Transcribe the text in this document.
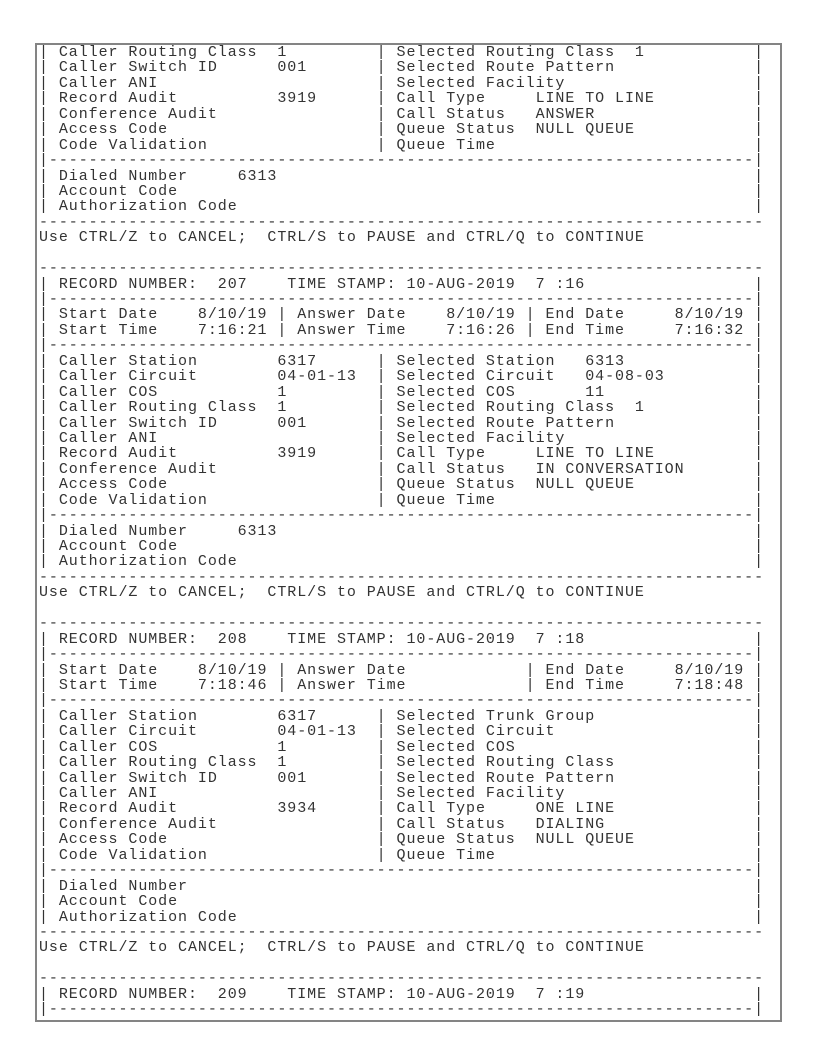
| Caller Routing Class  1         | Selected Routing Class  1           |
| Caller Switch ID      001       | Selected Route Pattern              |
| Caller ANI                      | Selected Facility                   |
| Record Audit          3919      | Call Type     LINE TO LINE          |
| Conference Audit                | Call Status   ANSWER                |
| Access Code                     | Queue Status  NULL QUEUE            |
| Code Validation                 | Queue Time                          |
|-----------------------------------------------------------------------|
| Dialed Number     6313                                                |
| Account Code                                                          |
| Authorization Code                                                    |
-------------------------------------------------------------------------
Use CTRL/Z to CANCEL;  CTRL/S to PAUSE and CTRL/Q to CONTINUE

-------------------------------------------------------------------------
| RECORD NUMBER:  207    TIME STAMP: 10-AUG-2019  7 :16                 |
|-----------------------------------------------------------------------|
| Start Date    8/10/19 | Answer Date    8/10/19 | End Date     8/10/19 |
| Start Time    7:16:21 | Answer Time    7:16:26 | End Time     7:16:32 |
|-----------------------------------------------------------------------|
| Caller Station        6317      | Selected Station   6313             |
| Caller Circuit        04-01-13  | Selected Circuit   04-08-03         |
| Caller COS            1         | Selected COS       11               |
| Caller Routing Class  1         | Selected Routing Class  1           |
| Caller Switch ID      001       | Selected Route Pattern              |
| Caller ANI                      | Selected Facility                   |
| Record Audit          3919      | Call Type     LINE TO LINE          |
| Conference Audit                | Call Status   IN CONVERSATION       |
| Access Code                     | Queue Status  NULL QUEUE            |
| Code Validation                 | Queue Time                          |
|-----------------------------------------------------------------------|
| Dialed Number     6313                                                |
| Account Code                                                          |
| Authorization Code                                                    |
-------------------------------------------------------------------------
Use CTRL/Z to CANCEL;  CTRL/S to PAUSE and CTRL/Q to CONTINUE

-------------------------------------------------------------------------
| RECORD NUMBER:  208    TIME STAMP: 10-AUG-2019  7 :18                 |
|-----------------------------------------------------------------------|
| Start Date    8/10/19 | Answer Date            | End Date     8/10/19 |
| Start Time    7:18:46 | Answer Time            | End Time     7:18:48 |
|-----------------------------------------------------------------------|
| Caller Station        6317      | Selected Trunk Group                |
| Caller Circuit        04-01-13  | Selected Circuit                    |
| Caller COS            1         | Selected COS                        |
| Caller Routing Class  1         | Selected Routing Class              |
| Caller Switch ID      001       | Selected Route Pattern              |
| Caller ANI                      | Selected Facility                   |
| Record Audit          3934      | Call Type     ONE LINE              |
| Conference Audit                | Call Status   DIALING               |
| Access Code                     | Queue Status  NULL QUEUE            |
| Code Validation                 | Queue Time                          |
|-----------------------------------------------------------------------|
| Dialed Number                                                         |
| Account Code                                                          |
| Authorization Code                                                    |
-------------------------------------------------------------------------
Use CTRL/Z to CANCEL;  CTRL/S to PAUSE and CTRL/Q to CONTINUE

-------------------------------------------------------------------------
| RECORD NUMBER:  209    TIME STAMP: 10-AUG-2019  7 :19                 |
|-----------------------------------------------------------------------|
